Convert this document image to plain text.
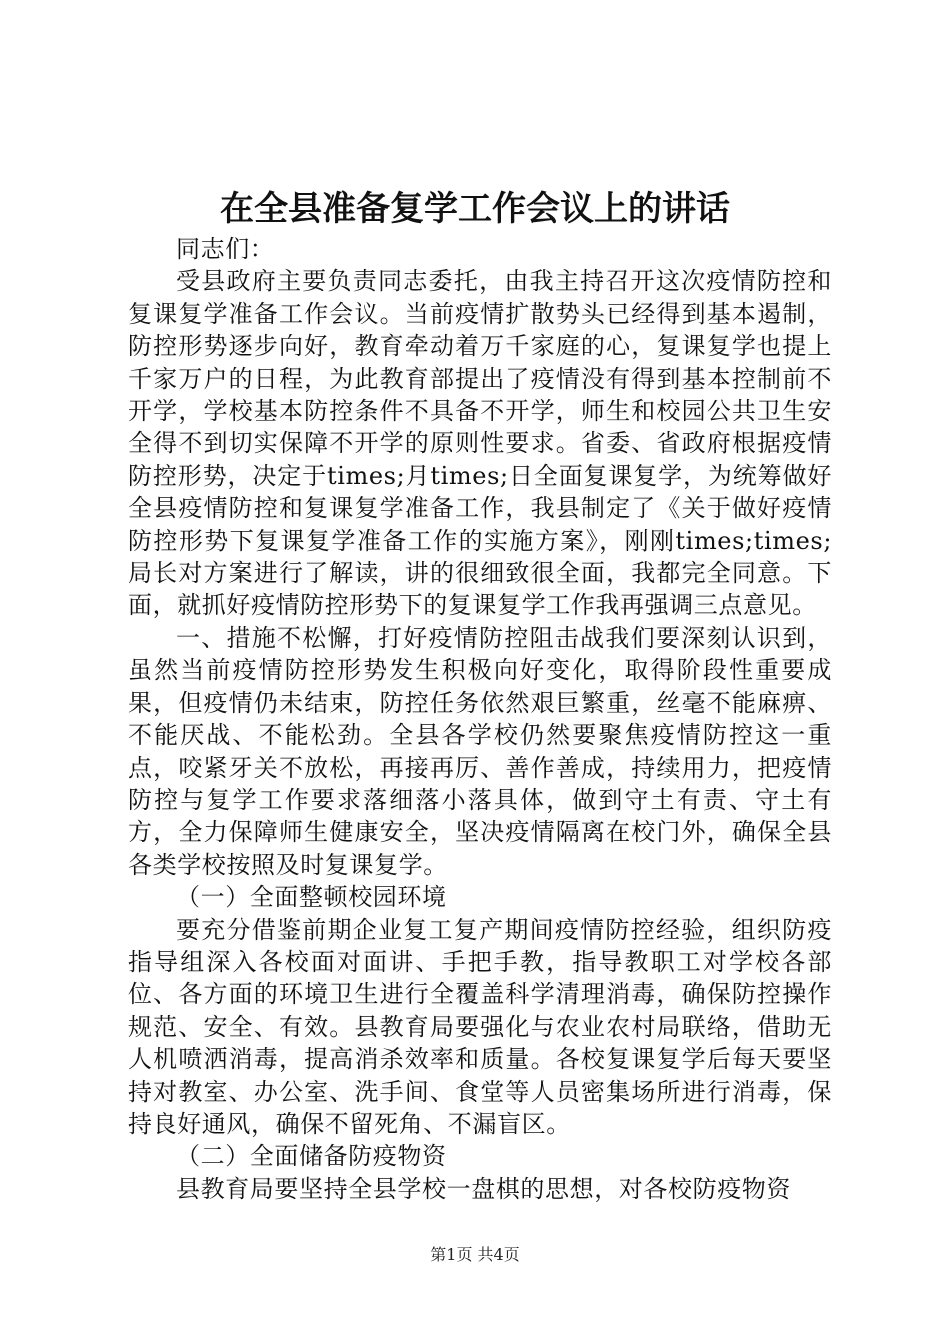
在全县准备复学工作会议上的讲话

同志们：

受县政府主要负责同志委托，由我主持召开这次疫情防控和复课复学准备工作会议。当前疫情扩散势头已经得到基本遏制，防控形势逐步向好，教育牵动着万千家庭的心，复课复学也提上千家万户的日程，为此教育部提出了疫情没有得到基本控制前不开学，学校基本防控条件不具备不开学，师生和校园公共卫生安全得不到切实保障不开学的原则性要求。省委、省政府根据疫情防控形势，决定于times;月times;日全面复课复学，为统筹做好全县疫情防控和复课复学准备工作，我县制定了《关于做好疫情防控形势下复课复学准备工作的实施方案》，刚刚times;times;局长对方案进行了解读，讲的很细致很全面，我都完全同意。下面，就抓好疫情防控形势下的复课复学工作我再强调三点意见。

一、措施不松懈，打好疫情防控阻击战我们要深刻认识到，虽然当前疫情防控形势发生积极向好变化，取得阶段性重要成果，但疫情仍未结束，防控任务依然艰巨繁重，丝毫不能麻痹、不能厌战、不能松劲。全县各学校仍然要聚焦疫情防控这一重点，咬紧牙关不放松，再接再厉、善作善成，持续用力，把疫情防控与复学工作要求落细落小落具体，做到守土有责、守土有方，全力保障师生健康安全，坚决疫情隔离在校门外，确保全县各类学校按照及时复课复学。

（一）全面整顿校园环境

要充分借鉴前期企业复工复产期间疫情防控经验，组织防疫指导组深入各校面对面讲、手把手教，指导教职工对学校各部位、各方面的环境卫生进行全覆盖科学清理消毒，确保防控操作规范、安全、有效。县教育局要强化与农业农村局联络，借助无人机喷洒消毒，提高消杀效率和质量。各校复课复学后每天要坚持对教室、办公室、洗手间、食堂等人员密集场所进行消毒，保持良好通风，确保不留死角、不漏盲区。

（二）全面储备防疫物资

县教育局要坚持全县学校一盘棋的思想，对各校防疫物资

第1页 共4页
